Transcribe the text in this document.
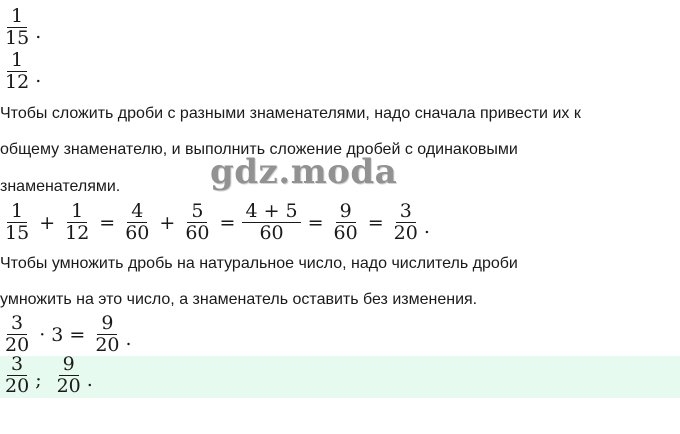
$\frac{1}{15}$ .
$\frac{1}{12}$ .
Чтобы сложить дроби с разными знаменателями, надо сначала привести их к
общему знаменателю, и выполнить сложение дробей с одинаковыми
знаменателями.	gdz.moda
$\frac{1}{15} + \frac{1}{12} = \frac{4}{60} + \frac{5}{60} = \frac{4 + 5}{60} = \frac{9}{60} = \frac{3}{20}$ .
Чтобы умножить дробь на натуральное число, надо числитель дроби
умножить на это число, а знаменатель оставить без изменения.
$\frac{3}{20} \cdot 3 = \frac{9}{20}$ .
$\frac{3}{20}$ ; $\frac{9}{20}$ .
